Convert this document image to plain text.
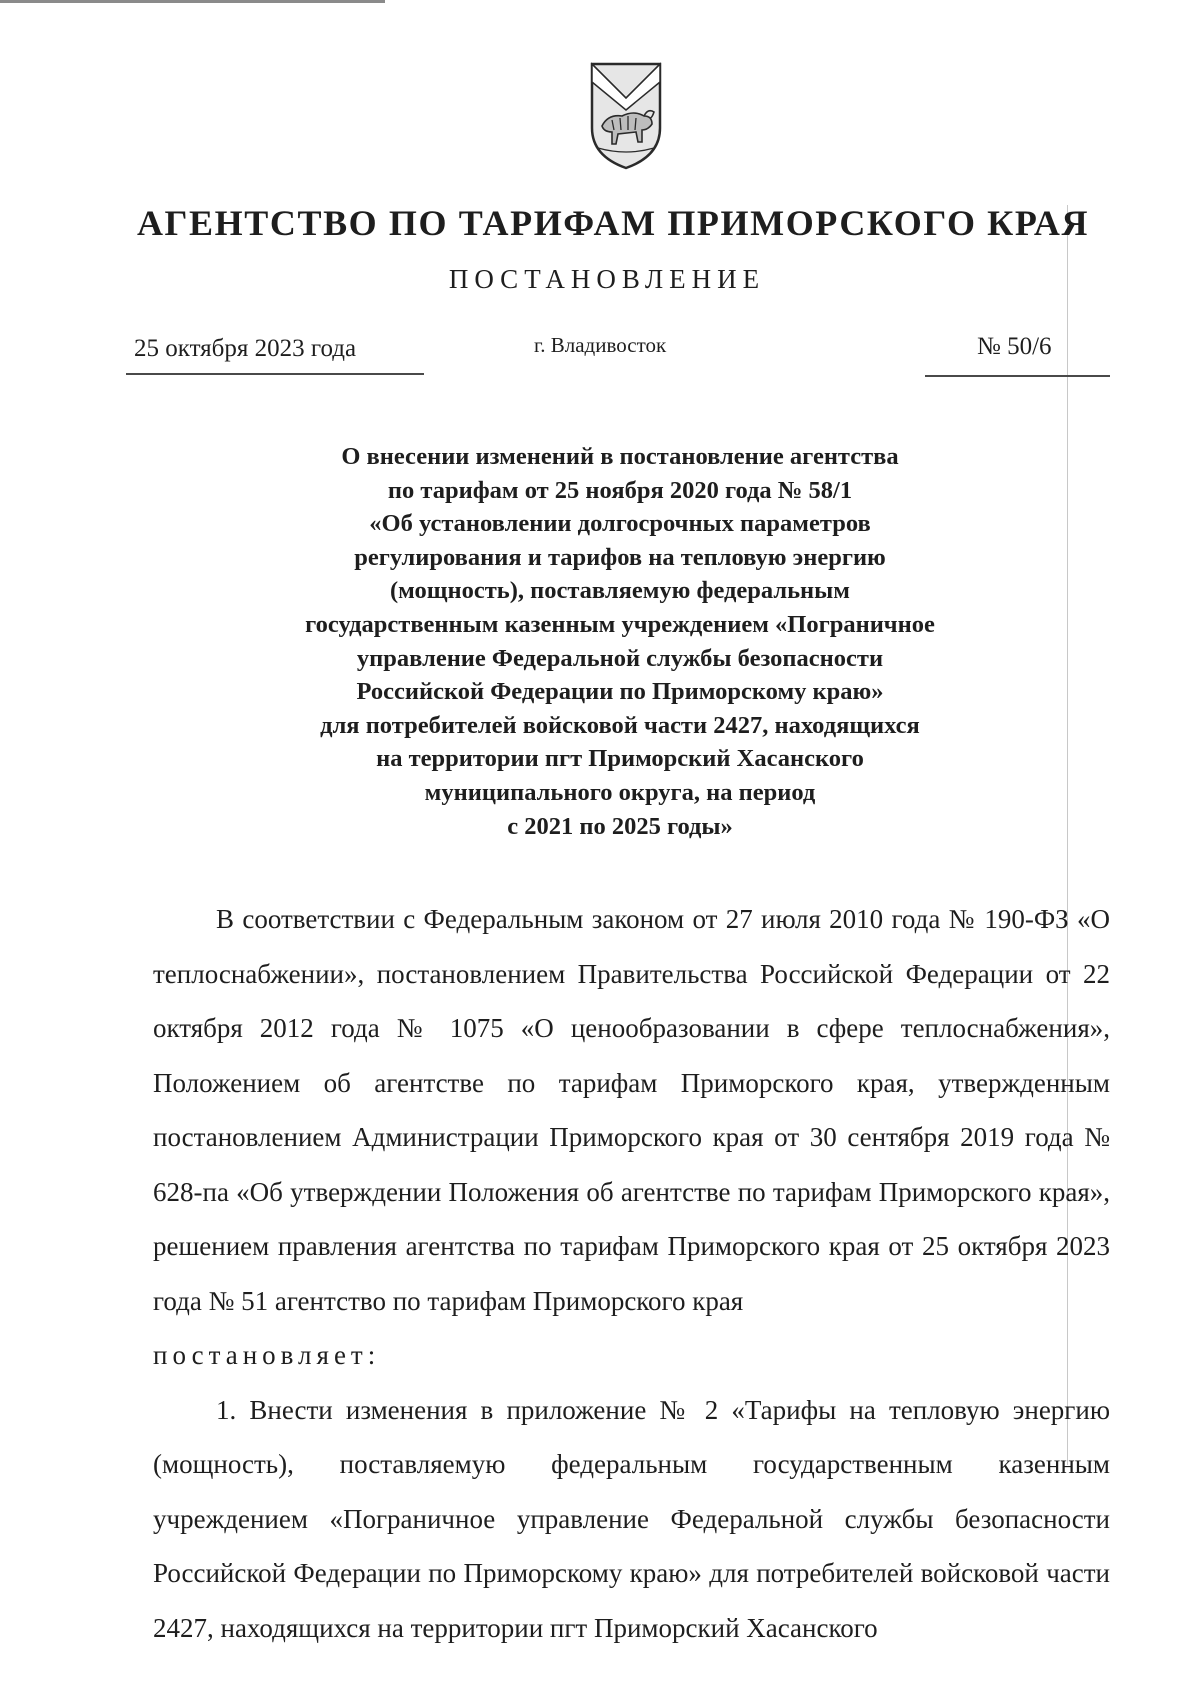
АГЕНТСТВО ПО ТАРИФАМ ПРИМОРСКОГО КРАЯ
ПОСТАНОВЛЕНИЕ
25 октября 2023 года	г. Владивосток	№ 50/6
О внесении изменений в постановление агентства
по тарифам от 25 ноября 2020 года № 58/1
«Об установлении долгосрочных параметров
регулирования и тарифов на тепловую энергию
(мощность), поставляемую федеральным
государственным казенным учреждением «Пограничное
управление Федеральной службы безопасности
Российской Федерации по Приморскому краю»
для потребителей войсковой части 2427, находящихся
на территории пгт Приморский Хасанского
муниципального округа, на период
с 2021 по 2025 годы»

В соответствии с Федеральным законом от 27 июля 2010 года № 190-ФЗ «О теплоснабжении», постановлением Правительства Российской Федерации от 22 октября 2012 года № 1075 «О ценообразовании в сфере теплоснабжения», Положением об агентстве по тарифам Приморского края, утвержденным постановлением Администрации Приморского края от 30 сентября 2019 года № 628-па «Об утверждении Положения об агентстве по тарифам Приморского края», решением правления агентства по тарифам Приморского края от 25 октября 2023 года № 51 агентство по тарифам Приморского края

постановляет:

1. Внести изменения в приложение № 2 «Тарифы на тепловую энергию (мощность), поставляемую федеральным государственным казенным учреждением «Пограничное управление Федеральной службы безопасности Российской Федерации по Приморскому краю» для потребителей войсковой части 2427, находящихся на территории пгт Приморский Хасанского
